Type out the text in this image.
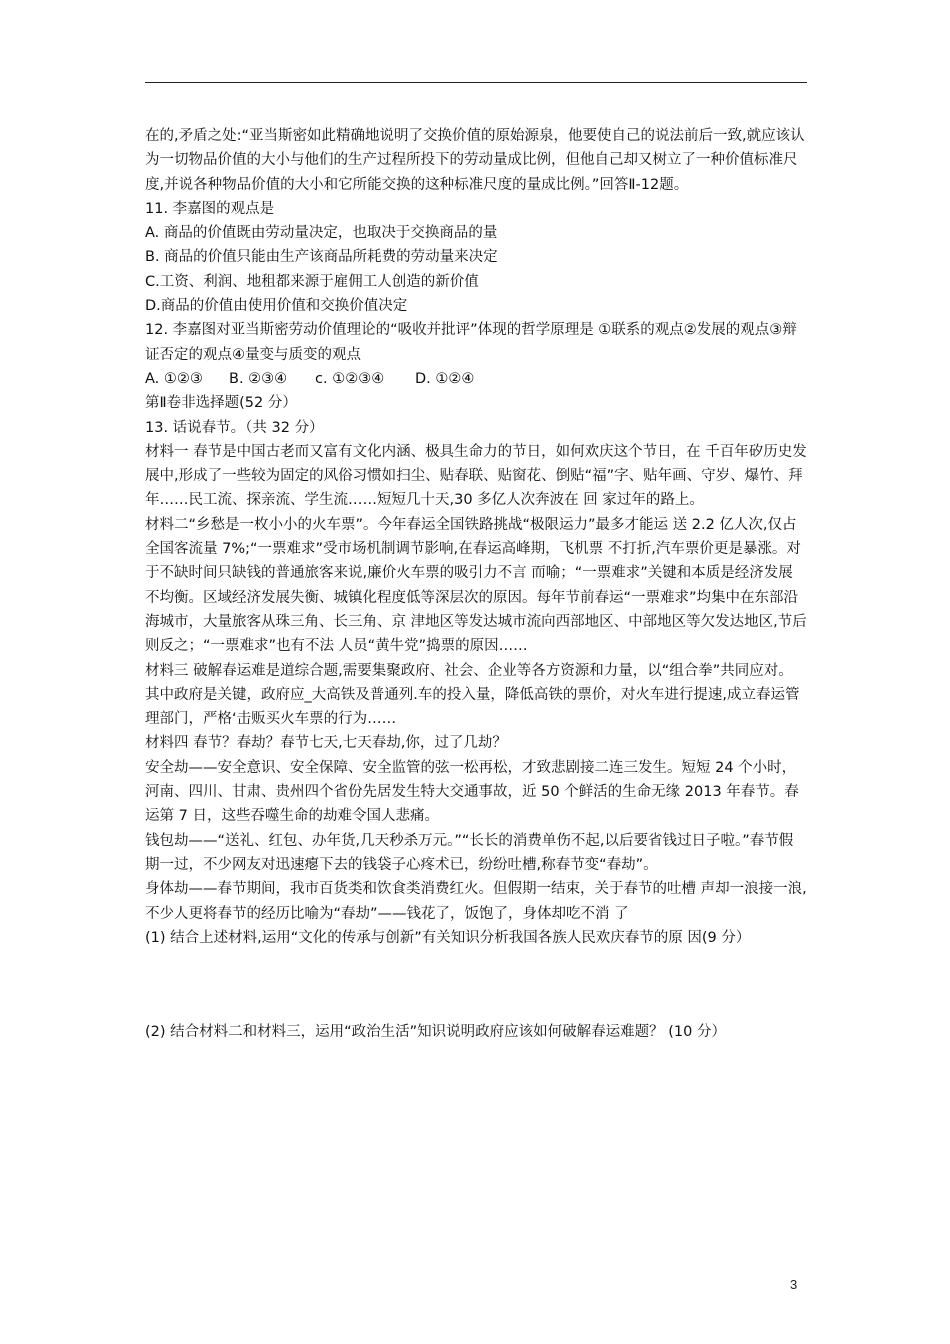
在的,矛盾之处:“亚当斯密如此精确地说明了交换价值的原始源泉，他要使自己的说法前后一致,就应该认为一切物品价值的大小与他们的生产过程所投下的劳动量成比例，但他自己却又树立了一种价值标准尺度,并说各种物品价值的大小和它所能交换的这种标准尺度的量成比例。”回答Ⅱ-12题。

11. 李嘉图的观点是

A. 商品的价值既由劳动量决定，也取决于交换商品的量

B. 商品的价值只能由生产该商品所耗费的劳动量来决定

C.工资、利润、地租都来源于雇佣工人创造的新价值

D.商品的价值由使用价值和交换价值决定

12. 李嘉图对亚当斯密劳动价值理论的“吸收并批评”体现的哲学原理是 ①联系的观点②发展的观点③辩证否定的观点④量变与质变的观点

A. ①②③	B. ②③④	c. ①②③④	D. ①②④

第Ⅱ卷非选择题(52 分）

13. 话说春节。（共 32 分）

材料一 春节是中国古老而又富有文化内涵、极具生命力的节日，如何欢庆这个节日，在 千百年矽历史发展中,形成了一些较为固定的风俗习惯如扫尘、贴春联、贴窗花、倒贴“福”字、贴年画、守岁、爆竹、拜年……民工流、探亲流、学生流……短短几十天,30 多亿人次奔波在 回 家过年的路上。

材料二“乡愁是一枚小小的火车票”。今年春运全国铁路挑战“极限运力”最多才能运 送 2.2 亿人次,仅占全国客流量 7%;“一票难求”受市场机制调节影响,在春运高峰期，飞机票 不打折,汽车票价更是暴涨。对于不缺时间只缺钱的普通旅客来说,廉价火车票的吸引力不言 而喻；“一票难求”关键和本质是经济发展不均衡。区域经济发展失衡、城镇化程度低等深层次的原因。每年节前春运“一票难求”均集中在东部沿海城市，大量旅客从珠三角、长三角、京 津地区等发达城市流向西部地区、中部地区等欠发达地区,节后则反之；“一票难求”也有不法 人员“黄牛党”捣票的原因……

材料三 破解春运难是道综合题,需要集聚政府、社会、企业等各方资源和力量，以“组合拳”共同应对。其中政府是关键，政府应_大高铁及普通列.车的投入量，降低高铁的票价，对火车进行提速,成立春运管理部门，严格‘击贩买火车票的行为……

材料四 春节？春劫？春节七天,七天春劫,你，过了几劫？

安全劫——安全意识、安全保障、安全监管的弦一松再松，才致悲剧接二连三发生。短短 24 个小时，河南、四川、甘肃、贵州四个省份先居发生特大交通事故，近 50 个鲜活的生命无缘 2013 年春节。春运第 7 日，这些吞噬生命的劫难令国人悲痛。

钱包劫——“送礼、红包、办年货,几天秒杀万元。”“长长的消费单伤不起,以后要省钱过日子啦。”春节假期一过，不少网友对迅速瘪下去的钱袋子心疼术已，纷纷吐槽,称春节变“春劫”。

身体劫——春节期间，我市百货类和饮食类消费红火。但假期一结束，关于春节的吐槽 声却一浪接一浪,不少人更将春节的经历比喻为“春劫”——钱花了，饭饱了，身体却吃不消 了

(1) 结合上述材料,运用“文化的传承与创新”有关知识分析我国各族人民欢庆春节的原 因(9 分）

(2) 结合材料二和材料三，运用“政治生活”知识说明政府应该如何破解春运难题？ (10 分）

3
